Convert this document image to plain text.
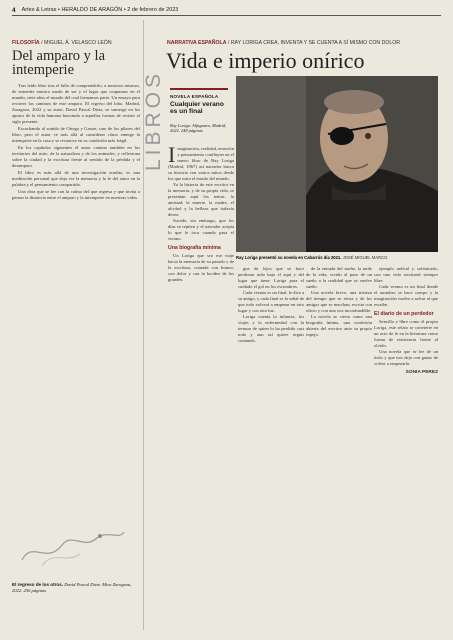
4 Artes & Letras • HERALDO DE ARAGÓN • 2 de febrero de 2023
FILOSOFÍA / MIGUEL Á. VELASCO LEÓN
Del amparo y la intemperie

Tras leído libro tras el fallo de comprenderlo, a nosotros mismos, de entender nuestro modo de ser y el lugar que ocupamos en el mundo, siete años el mundo del cual formamos parte. Un ensayo para recorrer los caminos de este amparo. El regreso del lobo. Madrid, Zaragoza, 2022 y su autor, David Pascal Dietz, se sumerge en los apuros de la vida humana buscando a aquellas formas de resistir al siglo presente.

Escuchando al sonido de Ortega y Gasset, uno de los pilares del libro, pero el autor ve más allá al considerar cómo emerge la intemperie en la casa y se reconoce en su condición más frágil.

En los capítulos siguientes el autor camina también en los territorios del mito, de la naturaleza y de los animales, y reflexiona sobre la ciudad y la escritura frente al sentido de la pérdida y el desamparo.

El libro es más allá de una investigación erudita, es una meditación personal que deja ver la memoria y la fe del autor en la palabra y el pensamiento compartido.

Una obra que se lee con la calma del que regresa y que invita a pensar la distancia entre el amparo y la intemperie en nuestras vidas.

El regreso de los otros. David Pascal Dietz. Mira Zaragoza, 2022. 256 páginas
LIBROS
NARRATIVA ESPAÑOLA / RAY LORIGA CREA, INVENTA Y SE CUENTA A SÍ MISMO CON DOLOR
Vida e imperio onírico
NOVELA ESPAÑOLA
Cualquier verano es un final
Ray Loriga. Alfaguara, Madrid, 2022. 248 páginas
Ray Loriga presentó su novela en Cabarrús día 2021. JOSÉ MIGUEL MARCO
I maginación, realidad, emoción y pensamiento confluyen en el nuevo libro de Ray Loriga (Madrid, 1967) así narrador busca su historia con varios mitos desde los que mira el estado del mundo.

Ya la historia de este escritor en la memoria, y de su propia vida, se presentan aquí los temas: la amistad, la muerte, la madre, el alcohol y la belleza que todavía desea.

Sucede, sin embargo, que los días se repiten y el narrador acepta lo que le toca cuando pasa el verano.

Una biografía mínima

Un Loriga que sea ese viaje hacia la memoria de su pasado y de la escritura, contada con humor, con dolor y con la lucidez de los grandes.

gue de lejos que se hace perdonar todo bajo el aquí y del lugar que tiene. Loriga para el cuidado el gol en los escombros.

Cada verano es un final, le dice a su amigo, y cada final es la señal de que todo volverá a empezar en otro lugar y con otra luz.

Loriga cuenta la infancia, los viajes y la enfermedad con la ternura de quien lo ha perdido casi todo y aun así quiere seguir contando.

de la entrada del sueño, la tarde de la vida, vivido al paso de un sueño a la realidad que se vuelve sueño.

Una novela breve, una tristeza del tiempo que se retira y de los amigos que se marchan, escrita con oficio y con una voz inconfundible.

La novela se cierra como una biografía íntima, una confesión abierta del escritor ante su propio espejo.

ejemplo radical y sofisticado, con una vida escritural siempre libre.

Cada verano es un final donde el asombro se hace cuerpo y la imaginación vuelve a salvar al que escribe.

El diario de un perdedor

Sencillo y libre como el propio Loriga, este relato se convierte en un acto de fe en la literatura como forma de resistencia frente al olvido.

Una novela que se lee de un tirón y que nos deja con ganas de volver a empezarla.

SONIA PEREZ
